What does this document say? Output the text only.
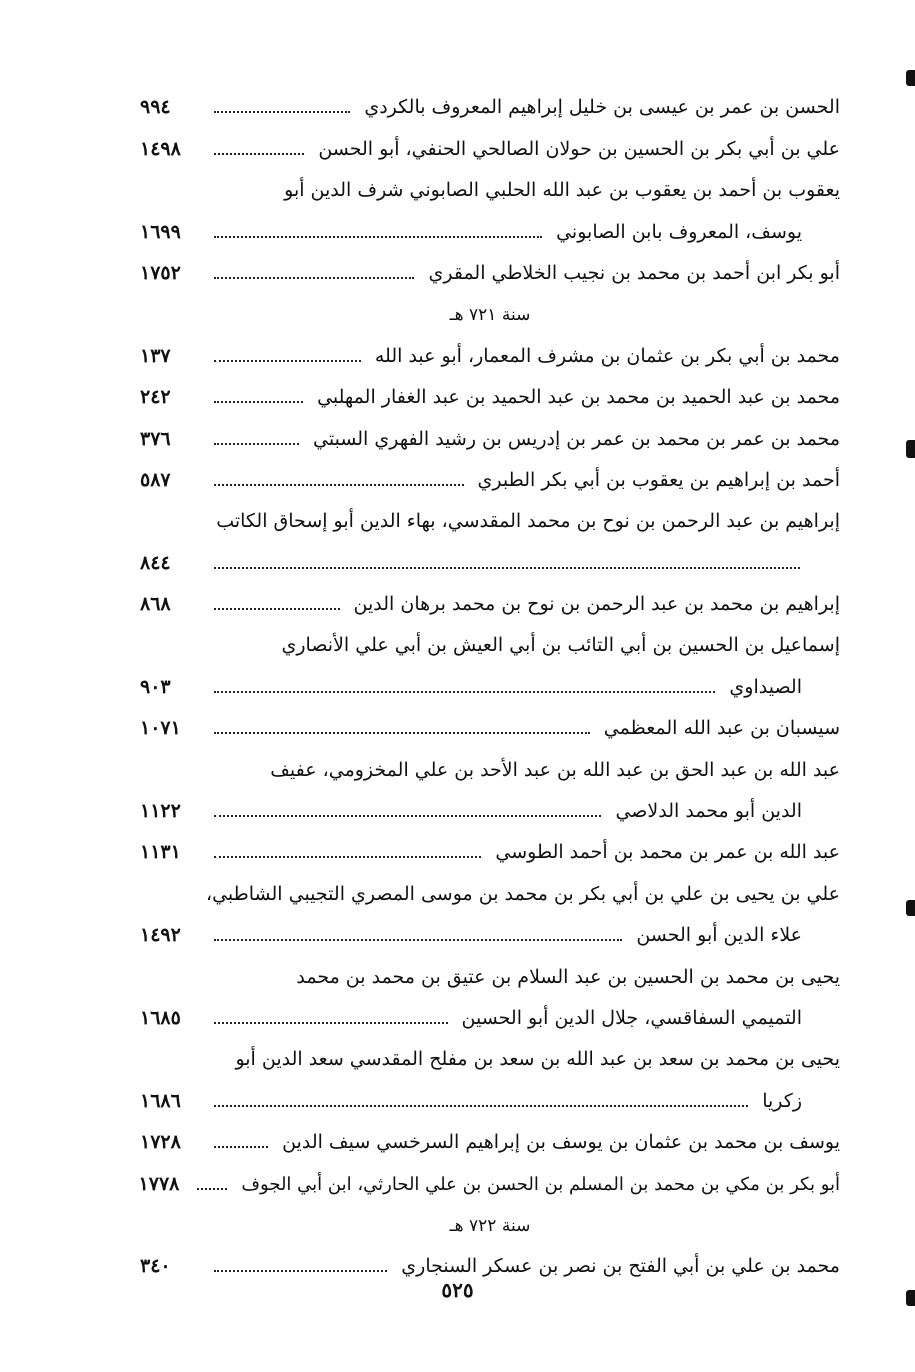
الحسن بن عمر بن عيسى بن خليل إبراهيم المعروف بالكردي
٩٩٤
علي بن أبي بكر بن الحسين بن حولان الصالحي الحنفي، أبو الحسن
١٤٩٨
يعقوب بن أحمد بن يعقوب بن عبد الله الحلبي الصابوني شرف الدين أبو
يوسف، المعروف بابن الصابوني
١٦٩٩
أبو بكر ابن أحمد بن محمد بن نجيب الخلاطي المقري
١٧٥٢
سنة ٧٢١ هـ
محمد بن أبي بكر بن عثمان بن مشرف المعمار، أبو عبد الله
١٣٧
محمد بن عبد الحميد بن محمد بن عبد الحميد بن عبد الغفار المهلبي
٢٤٢
محمد بن عمر بن محمد بن عمر بن إدريس بن رشيد الفهري السبتي
٣٧٦
أحمد بن إبراهيم بن يعقوب بن أبي بكر الطبري
٥٨٧
إبراهيم بن عبد الرحمن بن نوح بن محمد المقدسي، بهاء الدين أبو إسحاق الكاتب
٨٤٤
إبراهيم بن محمد بن عبد الرحمن بن نوح بن محمد برهان الدين
٨٦٨
إسماعيل بن الحسين بن أبي التائب بن أبي العيش بن أبي علي الأنصاري
الصيداوي
٩٠٣
سيسبان بن عبد الله المعظمي
١٠٧١
عبد الله بن عبد الحق بن عبد الله بن عبد الأحد بن علي المخزومي، عفيف
الدين أبو محمد الدلاصي
١١٢٢
عبد الله بن عمر بن محمد بن أحمد الطوسي
١١٣١
علي بن يحيى بن علي بن أبي بكر بن محمد بن موسى المصري التجيبي الشاطبي،
علاء الدين أبو الحسن
١٤٩٢
يحيى بن محمد بن الحسين بن عبد السلام بن عتيق بن محمد بن محمد
التميمي السفاقسي، جلال الدين أبو الحسين
١٦٨٥
يحيى بن محمد بن سعد بن عبد الله بن سعد بن مفلح المقدسي سعد الدين أبو
زكريا
١٦٨٦
يوسف بن محمد بن عثمان بن يوسف بن إبراهيم السرخسي سيف الدين
١٧٢٨
أبو بكر بن مكي بن محمد بن المسلم بن الحسن بن علي الحارثي، ابن أبي الجوف
١٧٧٨
سنة ٧٢٢ هـ
محمد بن علي بن أبي الفتح بن نصر بن عسكر السنجاري
٣٤٠
٥٢٥
